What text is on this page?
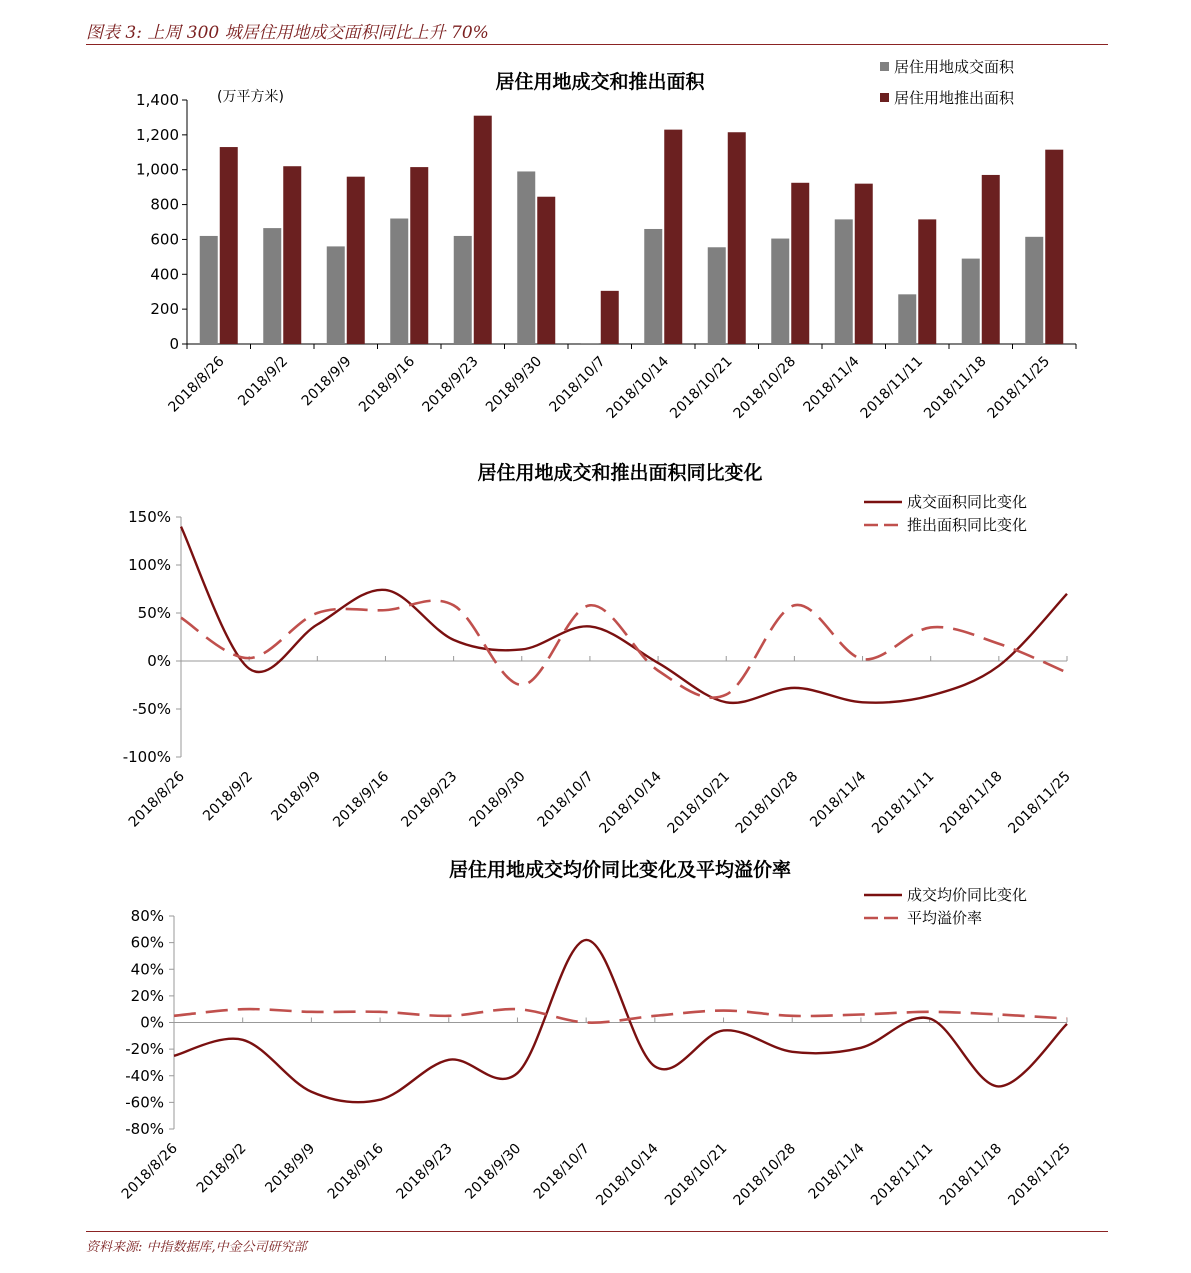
图表 3: 上周 300 城居住用地成交面积同比上升 70%
居住用地成交和推出面积
(万平方米)
0
200
400
600
800
1,000
1,200
1,400
2018/8/26 2018/9/2 2018/9/9 2018/9/16 2018/9/23 2018/9/30 2018/10/7
2018/10/14
2018/10/21
2018/10/28 2018/11/4
2018/11/11
2018/11/18
2018/11/25
居住用地成交面积
居住用地推出面积
居住用地成交和推出面积同比变化
-100%
-50%
0%
50%
100%
150%
2018/8/26 2018/9/2 2018/9/9 2018/9/16 2018/9/23 2018/9/30 2018/10/7 2018/10/14 2018/10/21 2018/10/28 2018/11/4 2018/11/11 2018/11/18 2018/11/25
成交面积同比变化
推出面积同比变化
居住用地成交均价同比变化及平均溢价率
-80%
-60%
-40%
-20%
0%
20%
40%
60%
80%
2018/8/26 2018/9/2 2018/9/9 2018/9/16 2018/9/23 2018/9/30 2018/10/7 2018/10/14 2018/10/21 2018/10/28 2018/11/4 2018/11/11 2018/11/18 2018/11/25
成交均价同比变化
平均溢价率
资料来源: 中指数据库,中金公司研究部
